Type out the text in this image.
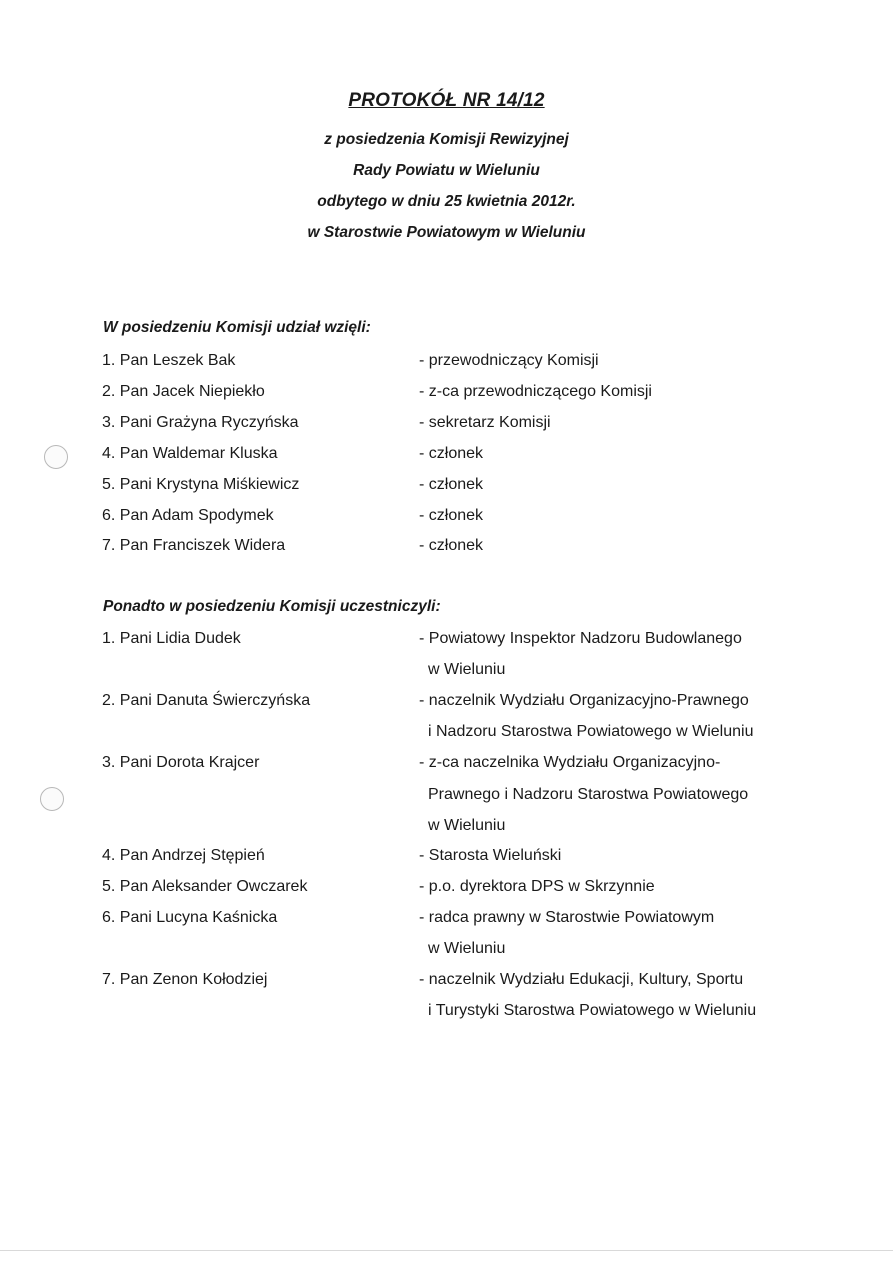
PROTOKÓŁ NR 14/12
z posiedzenia Komisji Rewizyjnej
Rady Powiatu w Wieluniu
odbytego w dniu 25 kwietnia 2012r.
w Starostwie Powiatowym w Wieluniu
W posiedzeniu Komisji udział wzięli:
1. Pan Leszek Bak	- przewodniczący Komisji
2. Pan Jacek Niepiekło	- z-ca przewodniczącego Komisji
3. Pani Grażyna Ryczyńska	- sekretarz Komisji
4. Pan Waldemar Kluska	- członek
5. Pani Krystyna Miśkiewicz	- członek
6. Pan Adam Spodymek	- członek
7. Pan Franciszek Widera	- członek
Ponadto w posiedzeniu Komisji uczestniczyli:
1. Pani Lidia Dudek	- Powiatowy Inspektor Nadzoru Budowlanego
w Wieluniu
2. Pani Danuta Świerczyńska	- naczelnik Wydziału Organizacyjno-Prawnego
i Nadzoru Starostwa Powiatowego w Wieluniu
3. Pani Dorota Krajcer	- z-ca naczelnika Wydziału Organizacyjno-
Prawnego i Nadzoru Starostwa Powiatowego
w Wieluniu
4. Pan Andrzej Stępień	- Starosta Wieluński
5. Pan Aleksander Owczarek	- p.o. dyrektora DPS w Skrzynnie
6. Pani Lucyna Kaśnicka	- radca prawny w Starostwie Powiatowym
w Wieluniu
7. Pan Zenon Kołodziej	- naczelnik Wydziału Edukacji, Kultury, Sportu
i Turystyki Starostwa Powiatowego w Wieluniu
